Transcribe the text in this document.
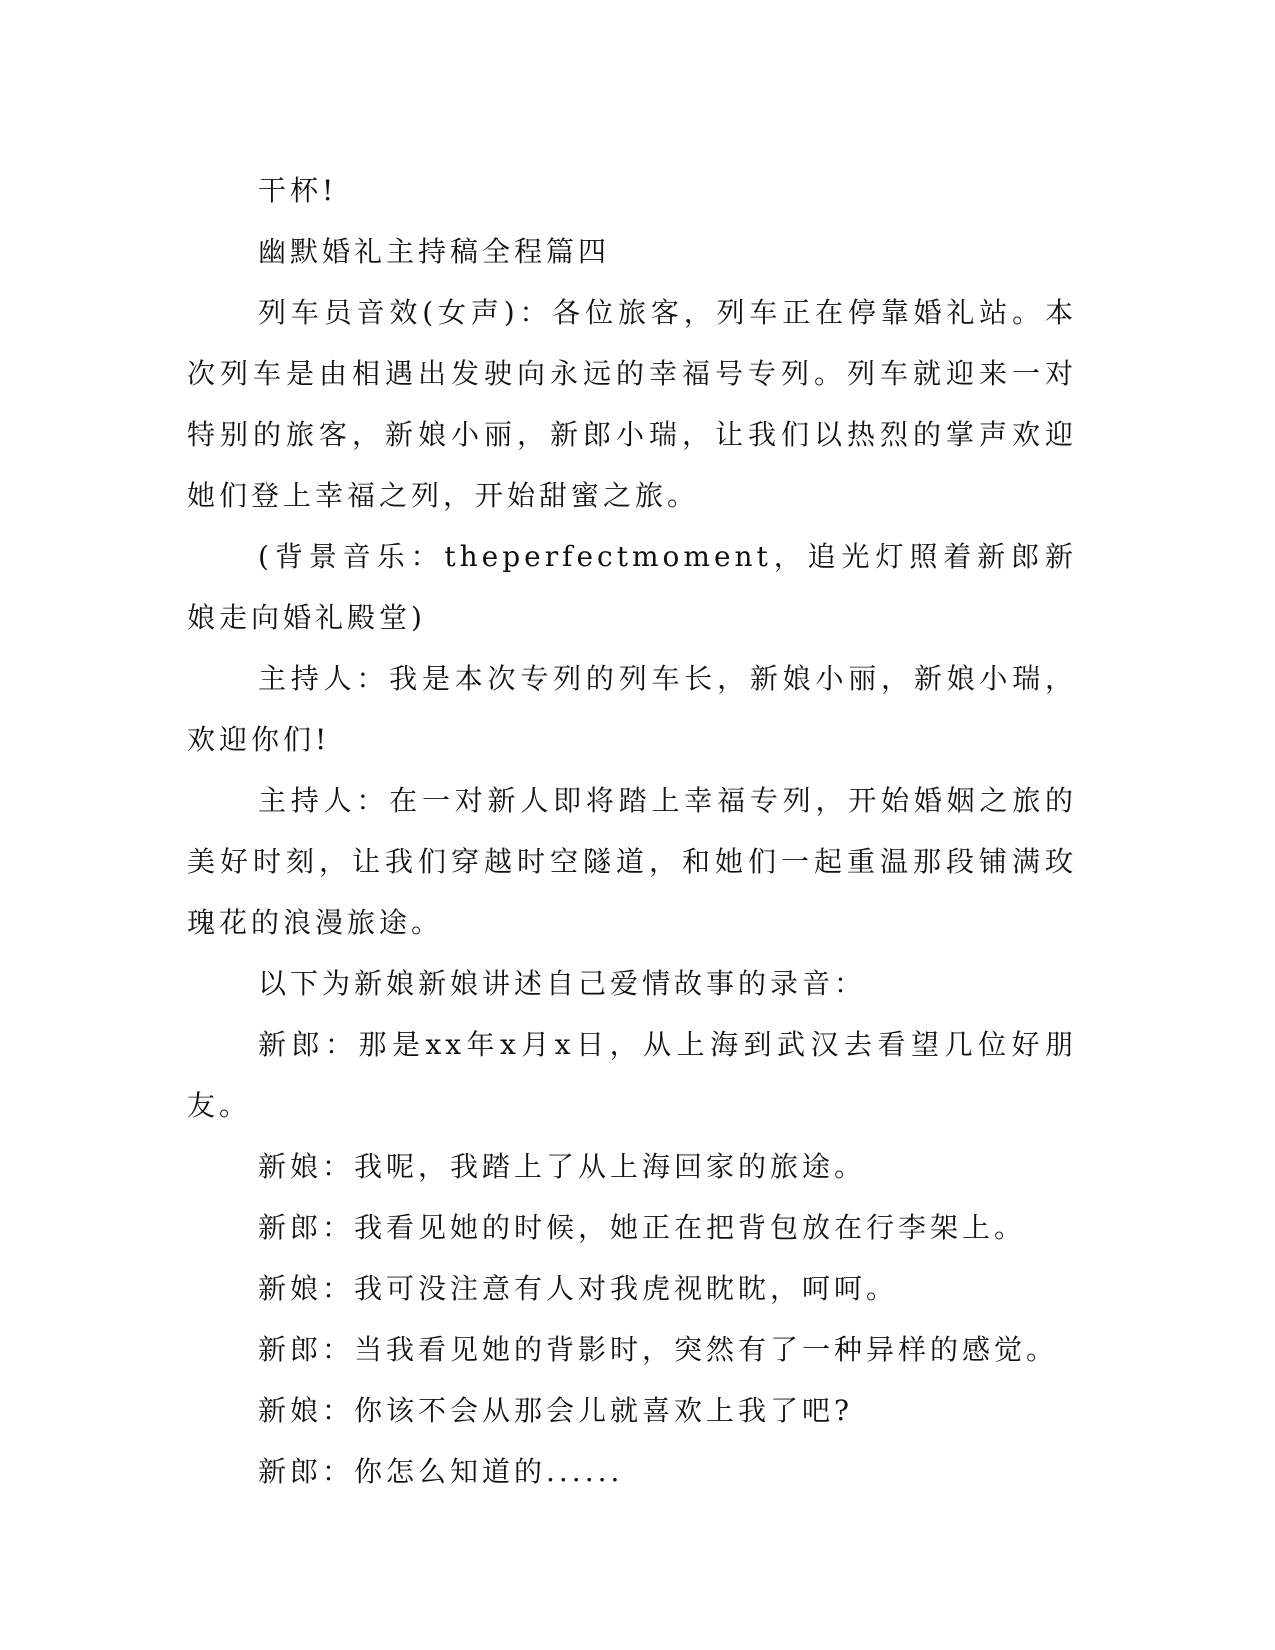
干杯!

幽默婚礼主持稿全程篇四

列车员音效(女声)：各位旅客，列车正在停靠婚礼站。本次列车是由相遇出发驶向永远的幸福号专列。列车就迎来一对特别的旅客，新娘小丽，新郎小瑞，让我们以热烈的掌声欢迎她们登上幸福之列，开始甜蜜之旅。

(背景音乐：theperfectmoment，追光灯照着新郎新娘走向婚礼殿堂)

主持人：我是本次专列的列车长，新娘小丽，新娘小瑞，欢迎你们!

主持人：在一对新人即将踏上幸福专列，开始婚姻之旅的美好时刻，让我们穿越时空隧道，和她们一起重温那段铺满玫瑰花的浪漫旅途。

以下为新娘新娘讲述自己爱情故事的录音：

新郎：那是xx年x月x日，从上海到武汉去看望几位好朋友。

新娘：我呢，我踏上了从上海回家的旅途。

新郎：我看见她的时候，她正在把背包放在行李架上。

新娘：我可没注意有人对我虎视眈眈，呵呵。

新郎：当我看见她的背影时，突然有了一种异样的感觉。

新娘：你该不会从那会儿就喜欢上我了吧?

新郎：你怎么知道的......
